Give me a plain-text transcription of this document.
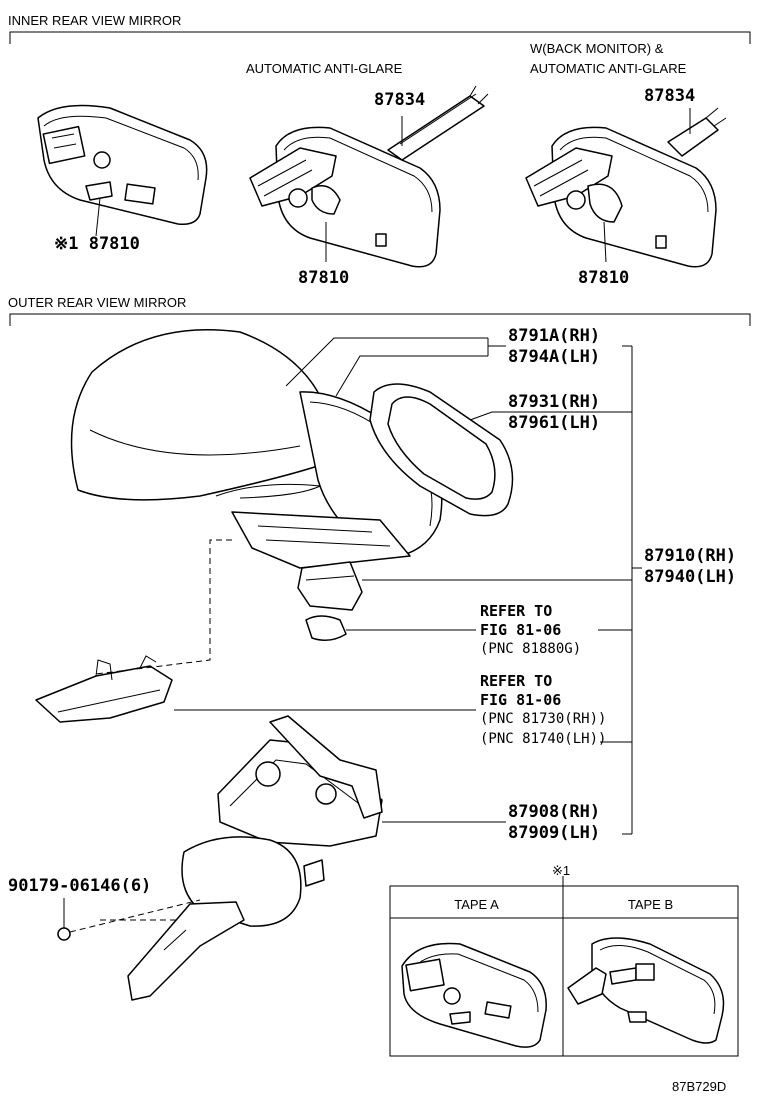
INNER REAR VIEW MIRROR
OUTER REAR VIEW MIRROR
AUTOMATIC ANTI-GLARE
W(BACK MONITOR) &
AUTOMATIC ANTI-GLARE
※1 87810
87810	87810
87834	87834
8791A(RH)
8794A(LH)
87931(RH)
87961(LH)
87910(RH)
87940(LH)
REFER TO
FIG 81-06
(PNC 81880G)
REFER TO
FIG 81-06
(PNC 81730(RH))
(PNC 81740(LH))
87908(RH)
87909(LH)
90179-06146(6)
※1
TAPE A	TAPE B
87B729D
